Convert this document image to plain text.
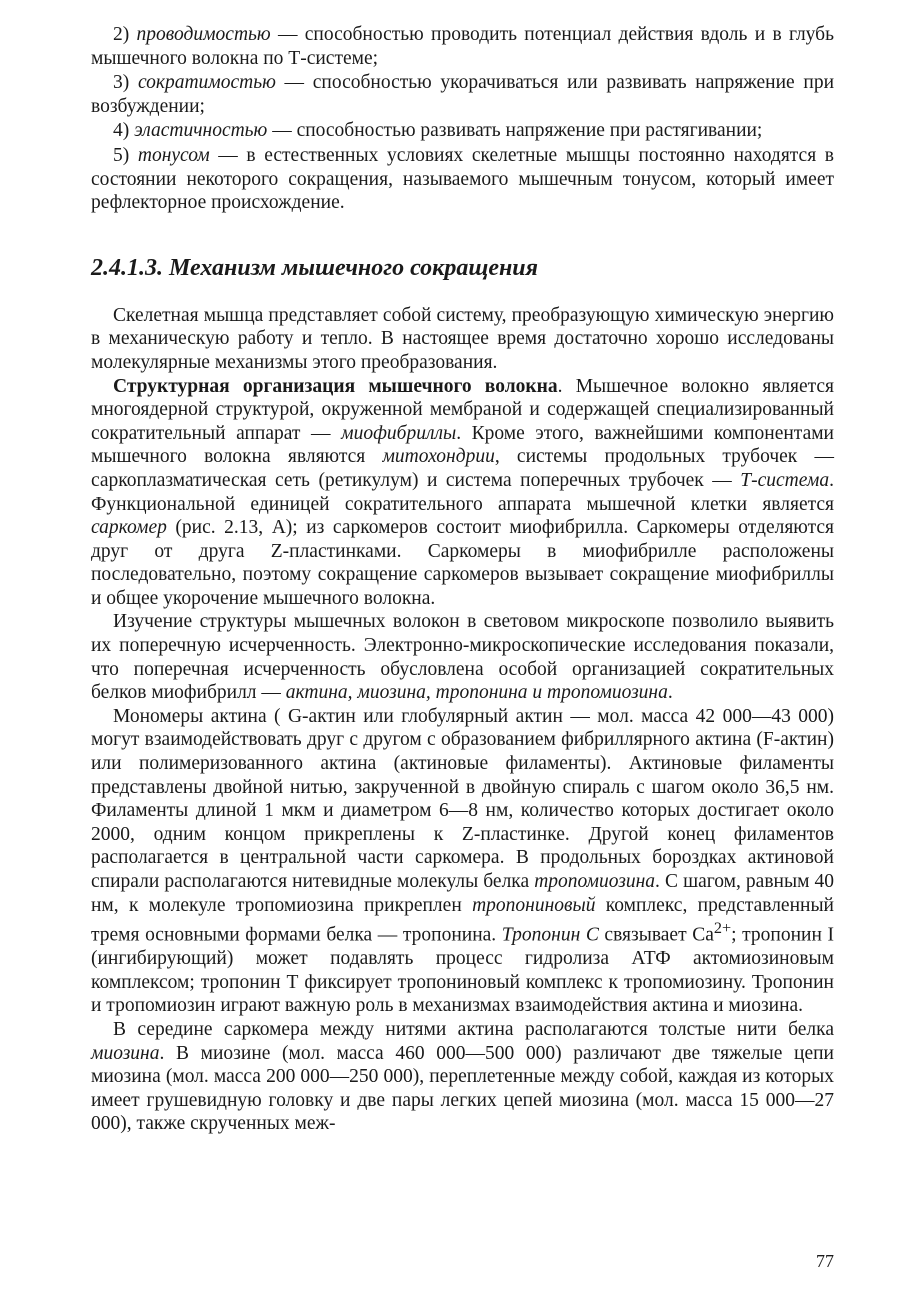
2) проводимостью — способностью проводить потенциал действия вдоль и в глубь мышечного волокна по Т-системе;

3) сократимостью — способностью укорачиваться или развивать напряжение при возбуждении;

4) эластичностью — способностью развивать напряжение при растягивании;

5) тонусом — в естественных условиях скелетные мышцы постоянно находятся в состоянии некоторого сокращения, называемого мышечным тонусом, который имеет рефлекторное происхождение.

2.4.1.3. Механизм мышечного сокращения

Скелетная мышца представляет собой систему, преобразующую химическую энергию в механическую работу и тепло. В настоящее время достаточно хорошо исследованы молекулярные механизмы этого преобразования.

Структурная организация мышечного волокна. Мышечное волокно является многоядерной структурой, окруженной мембраной и содержащей специализированный сократительный аппарат — миофибриллы. Кроме этого, важнейшими компонентами мышечного волокна являются митохондрии, системы продольных трубочек — саркоплазматическая сеть (ретикулум) и система поперечных трубочек — Т-система. Функциональной единицей сократительного аппарата мышечной клетки является саркомер (рис. 2.13, А); из саркомеров состоит миофибрилла. Саркомеры отделяются друг от друга Z-пластинками. Саркомеры в миофибрилле расположены последовательно, поэтому сокращение саркомеров вызывает сокращение миофибриллы и общее укорочение мышечного волокна.

Изучение структуры мышечных волокон в световом микроскопе позволило выявить их поперечную исчерченность. Электронно-микроскопические исследования показали, что поперечная исчерченность обусловлена особой организацией сократительных белков миофибрилл — актина, миозина, тропонина и тропомиозина.

Мономеры актина ( G-актин или глобулярный актин — мол. масса 42 000—43 000) могут взаимодействовать друг с другом с образованием фибриллярного актина (F-актин) или полимеризованного актина (актиновые филаменты). Актиновые филаменты представлены двойной нитью, закрученной в двойную спираль с шагом около 36,5 нм. Филаменты длиной 1 мкм и диаметром 6—8 нм, количество которых достигает около 2000, одним концом прикреплены к Z-пластинке. Другой конец филаментов располагается в центральной части саркомера. В продольных бороздках актиновой спирали располагаются нитевидные молекулы белка тропомиозина. С шагом, равным 40 нм, к молекуле тропомиозина прикреплен тропониновый комплекс, представленный тремя основными формами белка — тропонина. Тропонин С связывает $Ca^{2+}$; тропонин I (ингибирующий) может подавлять процесс гидролиза АТФ актомиозиновым комплексом; тропонин Т фиксирует тропониновый комплекс к тропомиозину. Тропонин и тропомиозин играют важную роль в механизмах взаимодействия актина и миозина.

В середине саркомера между нитями актина располагаются толстые нити белка миозина. В миозине (мол. масса 460 000—500 000) различают две тяжелые цепи миозина (мол. масса 200 000—250 000), переплетенные между собой, каждая из которых имеет грушевидную головку и две пары легких цепей миозина (мол. масса 15 000—27 000), также скрученных меж-

77
